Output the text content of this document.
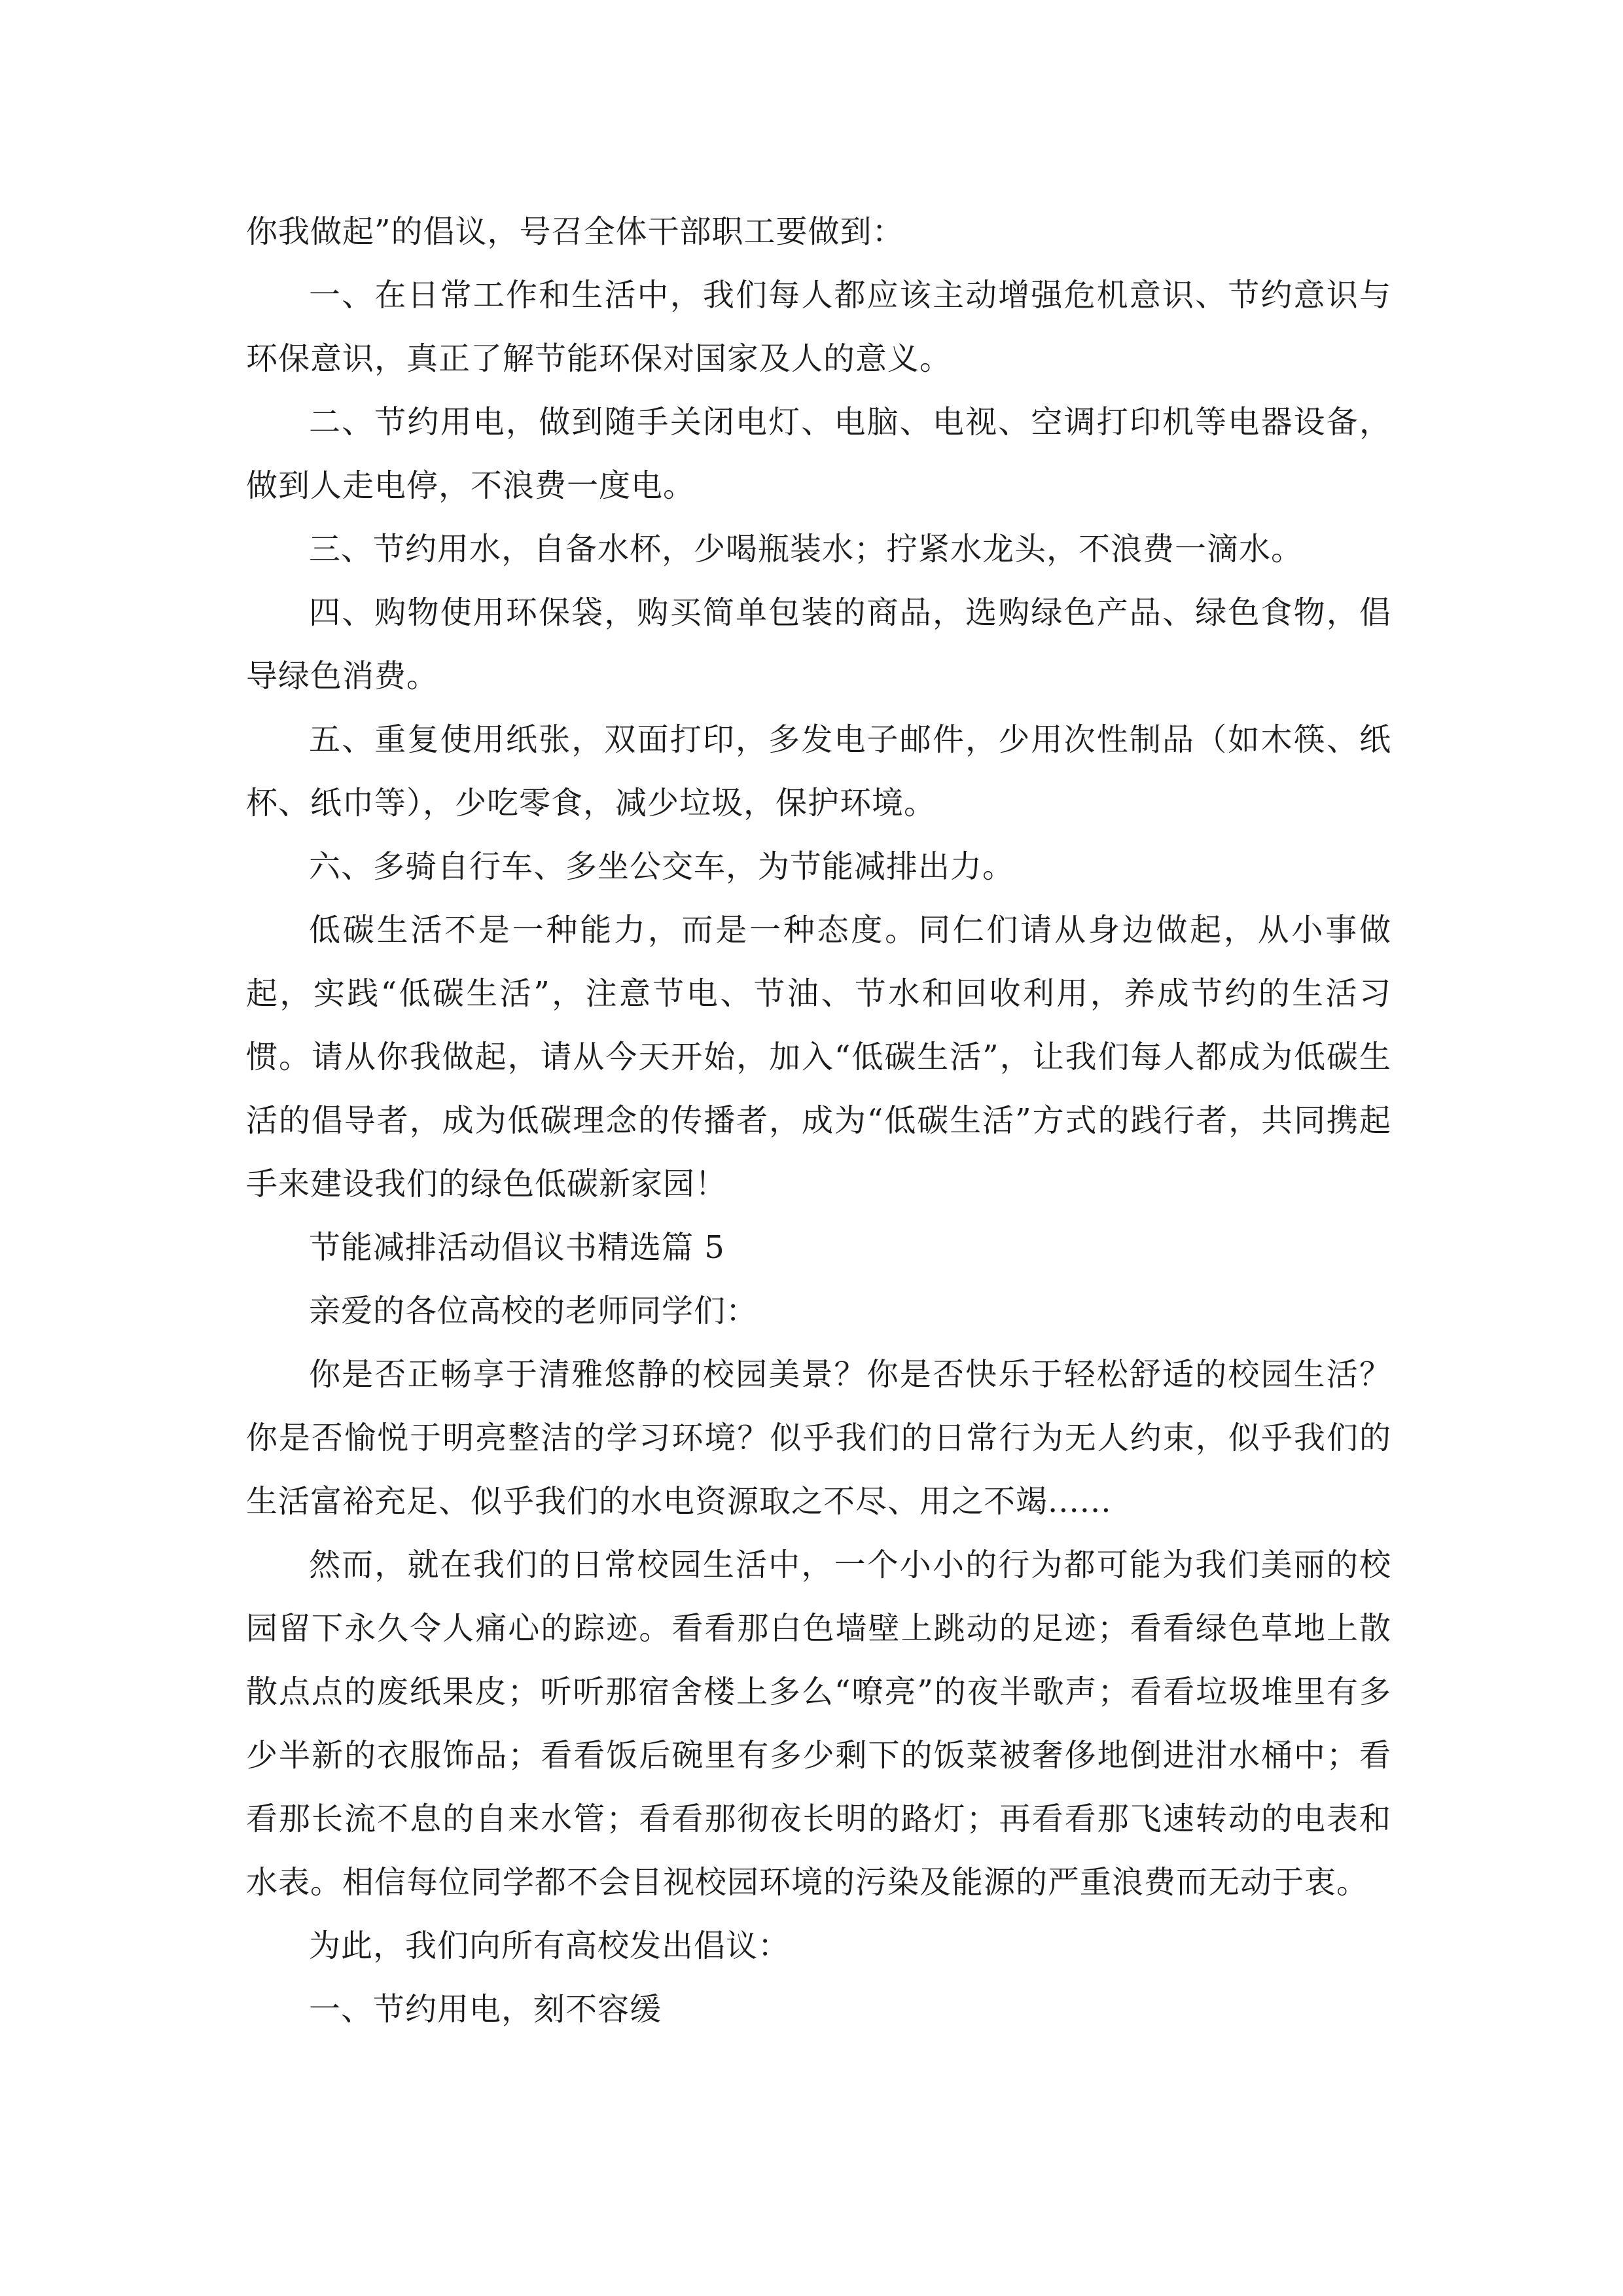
你我做起”的倡议，号召全体干部职工要做到：

一、在日常工作和生活中，我们每人都应该主动增强危机意识、节约意识与环保意识，真正了解节能环保对国家及人的意义。

二、节约用电，做到随手关闭电灯、电脑、电视、空调打印机等电器设备，做到人走电停，不浪费一度电。

三、节约用水，自备水杯，少喝瓶装水；拧紧水龙头，不浪费一滴水。

四、购物使用环保袋，购买简单包装的商品，选购绿色产品、绿色食物，倡导绿色消费。

五、重复使用纸张，双面打印，多发电子邮件，少用次性制品（如木筷、纸杯、纸巾等），少吃零食，减少垃圾，保护环境。

六、多骑自行车、多坐公交车，为节能减排出力。

低碳生活不是一种能力，而是一种态度。同仁们请从身边做起，从小事做起，实践“低碳生活”，注意节电、节油、节水和回收利用，养成节约的生活习惯。请从你我做起，请从今天开始，加入“低碳生活”，让我们每人都成为低碳生活的倡导者，成为低碳理念的传播者，成为“低碳生活”方式的践行者，共同携起手来建设我们的绿色低碳新家园！

节能减排活动倡议书精选篇 5

亲爱的各位高校的老师同学们：

你是否正畅享于清雅悠静的校园美景？你是否快乐于轻松舒适的校园生活？你是否愉悦于明亮整洁的学习环境？似乎我们的日常行为无人约束，似乎我们的生活富裕充足、似乎我们的水电资源取之不尽、用之不竭......

然而，就在我们的日常校园生活中，一个小小的行为都可能为我们美丽的校园留下永久令人痛心的踪迹。看看那白色墙壁上跳动的足迹；看看绿色草地上散散点点的废纸果皮；听听那宿舍楼上多么“嘹亮”的夜半歌声；看看垃圾堆里有多少半新的衣服饰品；看看饭后碗里有多少剩下的饭菜被奢侈地倒进泔水桶中；看看那长流不息的自来水管；看看那彻夜长明的路灯；再看看那飞速转动的电表和水表。相信每位同学都不会目视校园环境的污染及能源的严重浪费而无动于衷。

为此，我们向所有高校发出倡议：

一、节约用电，刻不容缓
